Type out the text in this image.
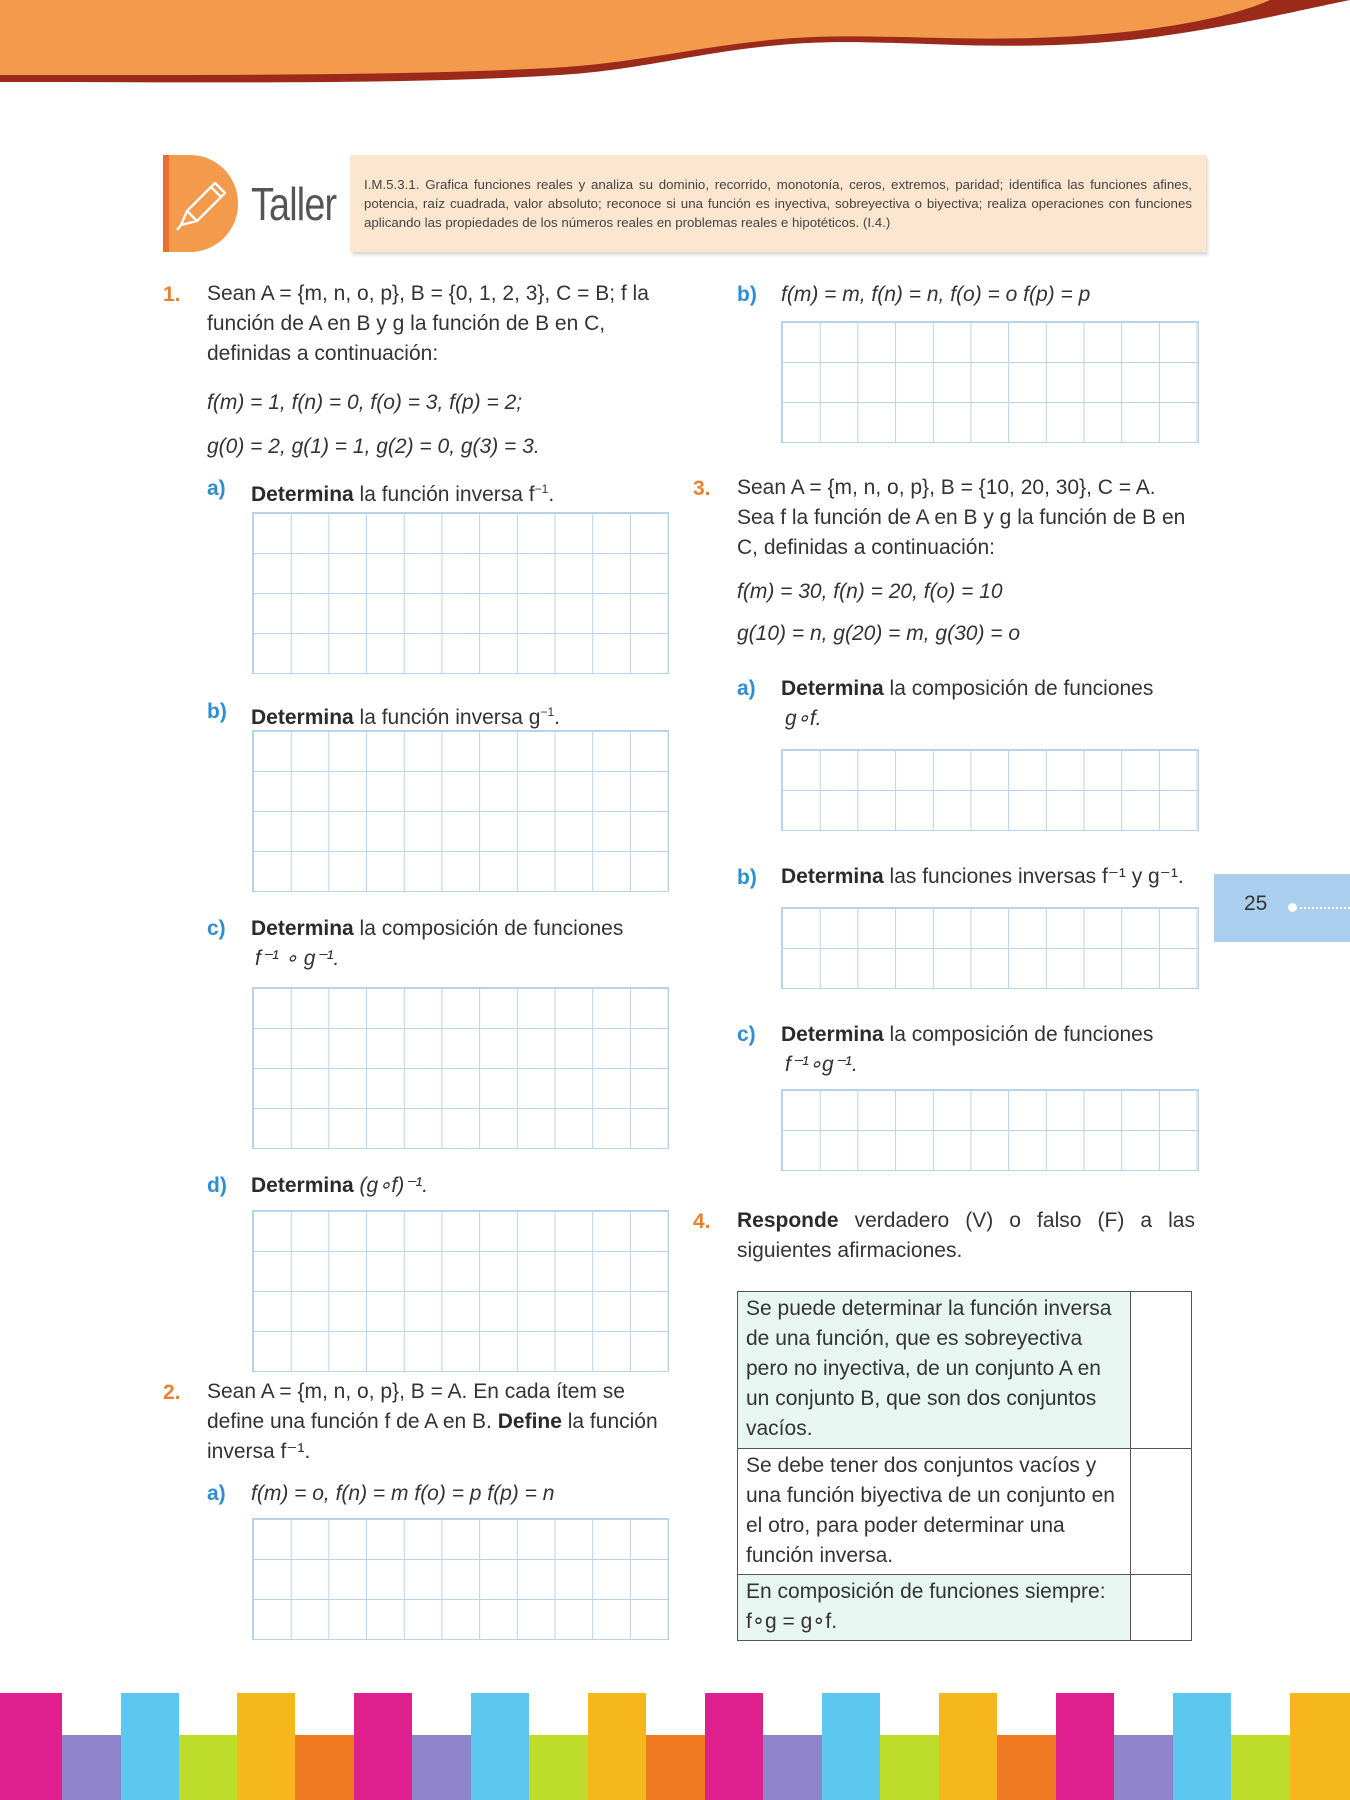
Taller	I.M.5.3.1. Grafica funciones reales y analiza su dominio, recorrido, monotonía, ceros, extremos, paridad; identifica las funciones afines, potencia, raíz cuadrada, valor absoluto; reconoce si una función es inyectiva, sobreyectiva o biyectiva; realiza operaciones con funciones aplicando las propiedades de los números reales en problemas reales e hipotéticos. (I.4.)
1. Sean A = {m, n, o, p}, B = {0, 1, 2, 3}, C = B; f la función de A en B y g la función de B en C, definidas a continuación:
f(m) = 1, f(n) = 0, f(o) = 3, f(p) = 2;
g(0) = 2, g(1) = 1, g(2) = 0, g(3) = 3.
a) Determina la función inversa $f^{-1}$.
b) Determina la función inversa $g^{-1}$.
c) Determina la composición de funciones
f⁻¹ ∘ g⁻¹.
d) Determina (g∘f)⁻¹.
2. Sean A = {m, n, o, p}, B = A. En cada ítem se define una función f de A en B. Define la función inversa f⁻¹.
a) f(m) = o, f(n) = m f(o) = p f(p) = n
b) f(m) = m, f(n) = n, f(o) = o f(p) = p
3. Sean A = {m, n, o, p}, B = {10, 20, 30}, C = A. Sea f la función de A en B y g la función de B en C, definidas a continuación:
f(m) = 30, f(n) = 20, f(o) = 10
g(10) = n, g(20) = m, g(30) = o
a) Determina la composición de funciones
g∘f.
b) Determina las funciones inversas f⁻¹ y g⁻¹.
c) Determina la composición de funciones
f⁻¹∘g⁻¹.
4. Responde verdadero (V) o falso (F) a las siguientes afirmaciones.
Se puede determinar la función inversa de una función, que es sobreyectiva pero no inyectiva, de un conjunto A en un conjunto B, que son dos conjuntos vacíos.	
Se debe tener dos conjuntos vacíos y una función biyectiva de un conjunto en el otro, para poder determinar una función inversa.	
En composición de funciones siempre: f∘g = g∘f.	
25
